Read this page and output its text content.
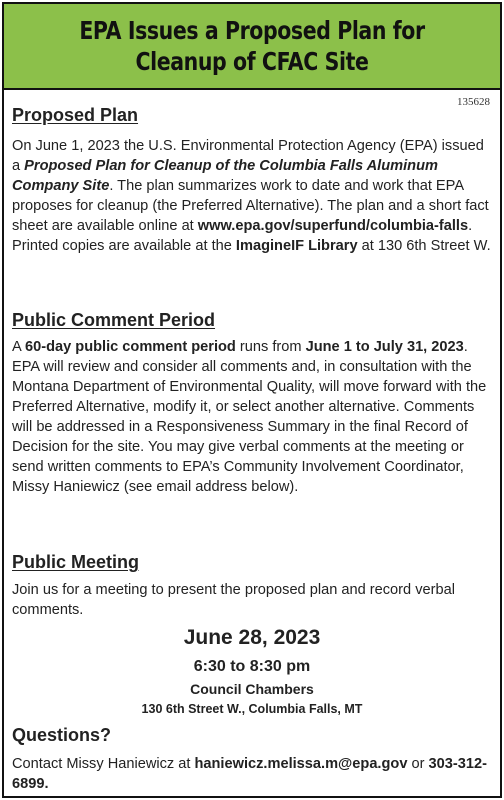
EPA Issues a Proposed Plan for
Cleanup of CFAC Site
135628
Proposed Plan

On June 1, 2023 the U.S. Environmental Protection Agency (EPA) issued a Proposed Plan for Cleanup of the Columbia Falls Aluminum Company Site. The plan summarizes work to date and work that EPA proposes for cleanup (the Preferred Alternative). The plan and a short fact sheet are available online at www.epa.gov/superfund/columbia-falls. Printed copies are available at the ImagineIF Library at 130 6th Street W.

Public Comment Period

A 60-day public comment period runs from June 1 to July 31, 2023. EPA will review and consider all comments and, in consultation with the Montana Department of Environmental Quality, will move forward with the Preferred Alternative, modify it, or select another alternative. Comments will be addressed in a Responsiveness Summary in the final Record of Decision for the site. You may give verbal comments at the meeting or send written comments to EPA’s Community Involvement Coordinator, Missy Haniewicz (see email address below).

Public Meeting

Join us for a meeting to present the proposed plan and record verbal comments.

June 28, 2023
6:30 to 8:30 pm
Council Chambers
130 6th Street W., Columbia Falls, MT
Questions?

Contact Missy Haniewicz at haniewicz.melissa.m@epa.gov or 303-312-6899.
